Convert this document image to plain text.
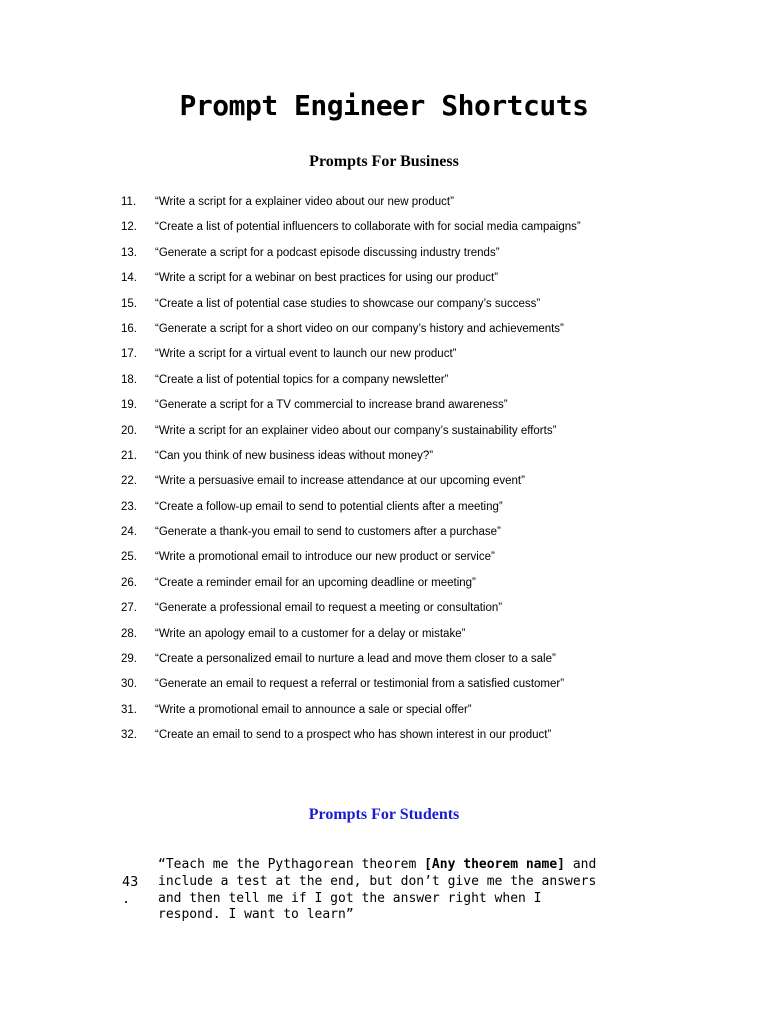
Prompt Engineer Shortcuts
Prompts For Business
11. “Write a script for a explainer video about our new product”
12. “Create a list of potential influencers to collaborate with for social media campaigns”
13. “Generate a script for a podcast episode discussing industry trends”
14. “Write a script for a webinar on best practices for using our product”
15. “Create a list of potential case studies to showcase our company’s success”
16. “Generate a script for a short video on our company’s history and achievements”
17. “Write a script for a virtual event to launch our new product”
18. “Create a list of potential topics for a company newsletter”
19. “Generate a script for a TV commercial to increase brand awareness”
20. “Write a script for an explainer video about our company’s sustainability efforts”
21. “Can you think of new business ideas without money?”
22. “Write a persuasive email to increase attendance at our upcoming event”
23. “Create a follow-up email to send to potential clients after a meeting”
24. “Generate a thank-you email to send to customers after a purchase”
25. “Write a promotional email to introduce our new product or service”
26. “Create a reminder email for an upcoming deadline or meeting”
27. “Generate a professional email to request a meeting or consultation”
28. “Write an apology email to a customer for a delay or mistake”
29. “Create a personalized email to nurture a lead and move them closer to a sale”
30. “Generate an email to request a referral or testimonial from a satisfied customer”
31. “Write a promotional email to announce a sale or special offer”
32. “Create an email to send to a prospect who has shown interest in our product”
Prompts For Students
43
.

“Teach me the Pythagorean theorem [Any theorem name] and include a test at the end, but don’t give me the answers and then tell me if I got the answer right when I respond. I want to learn”
